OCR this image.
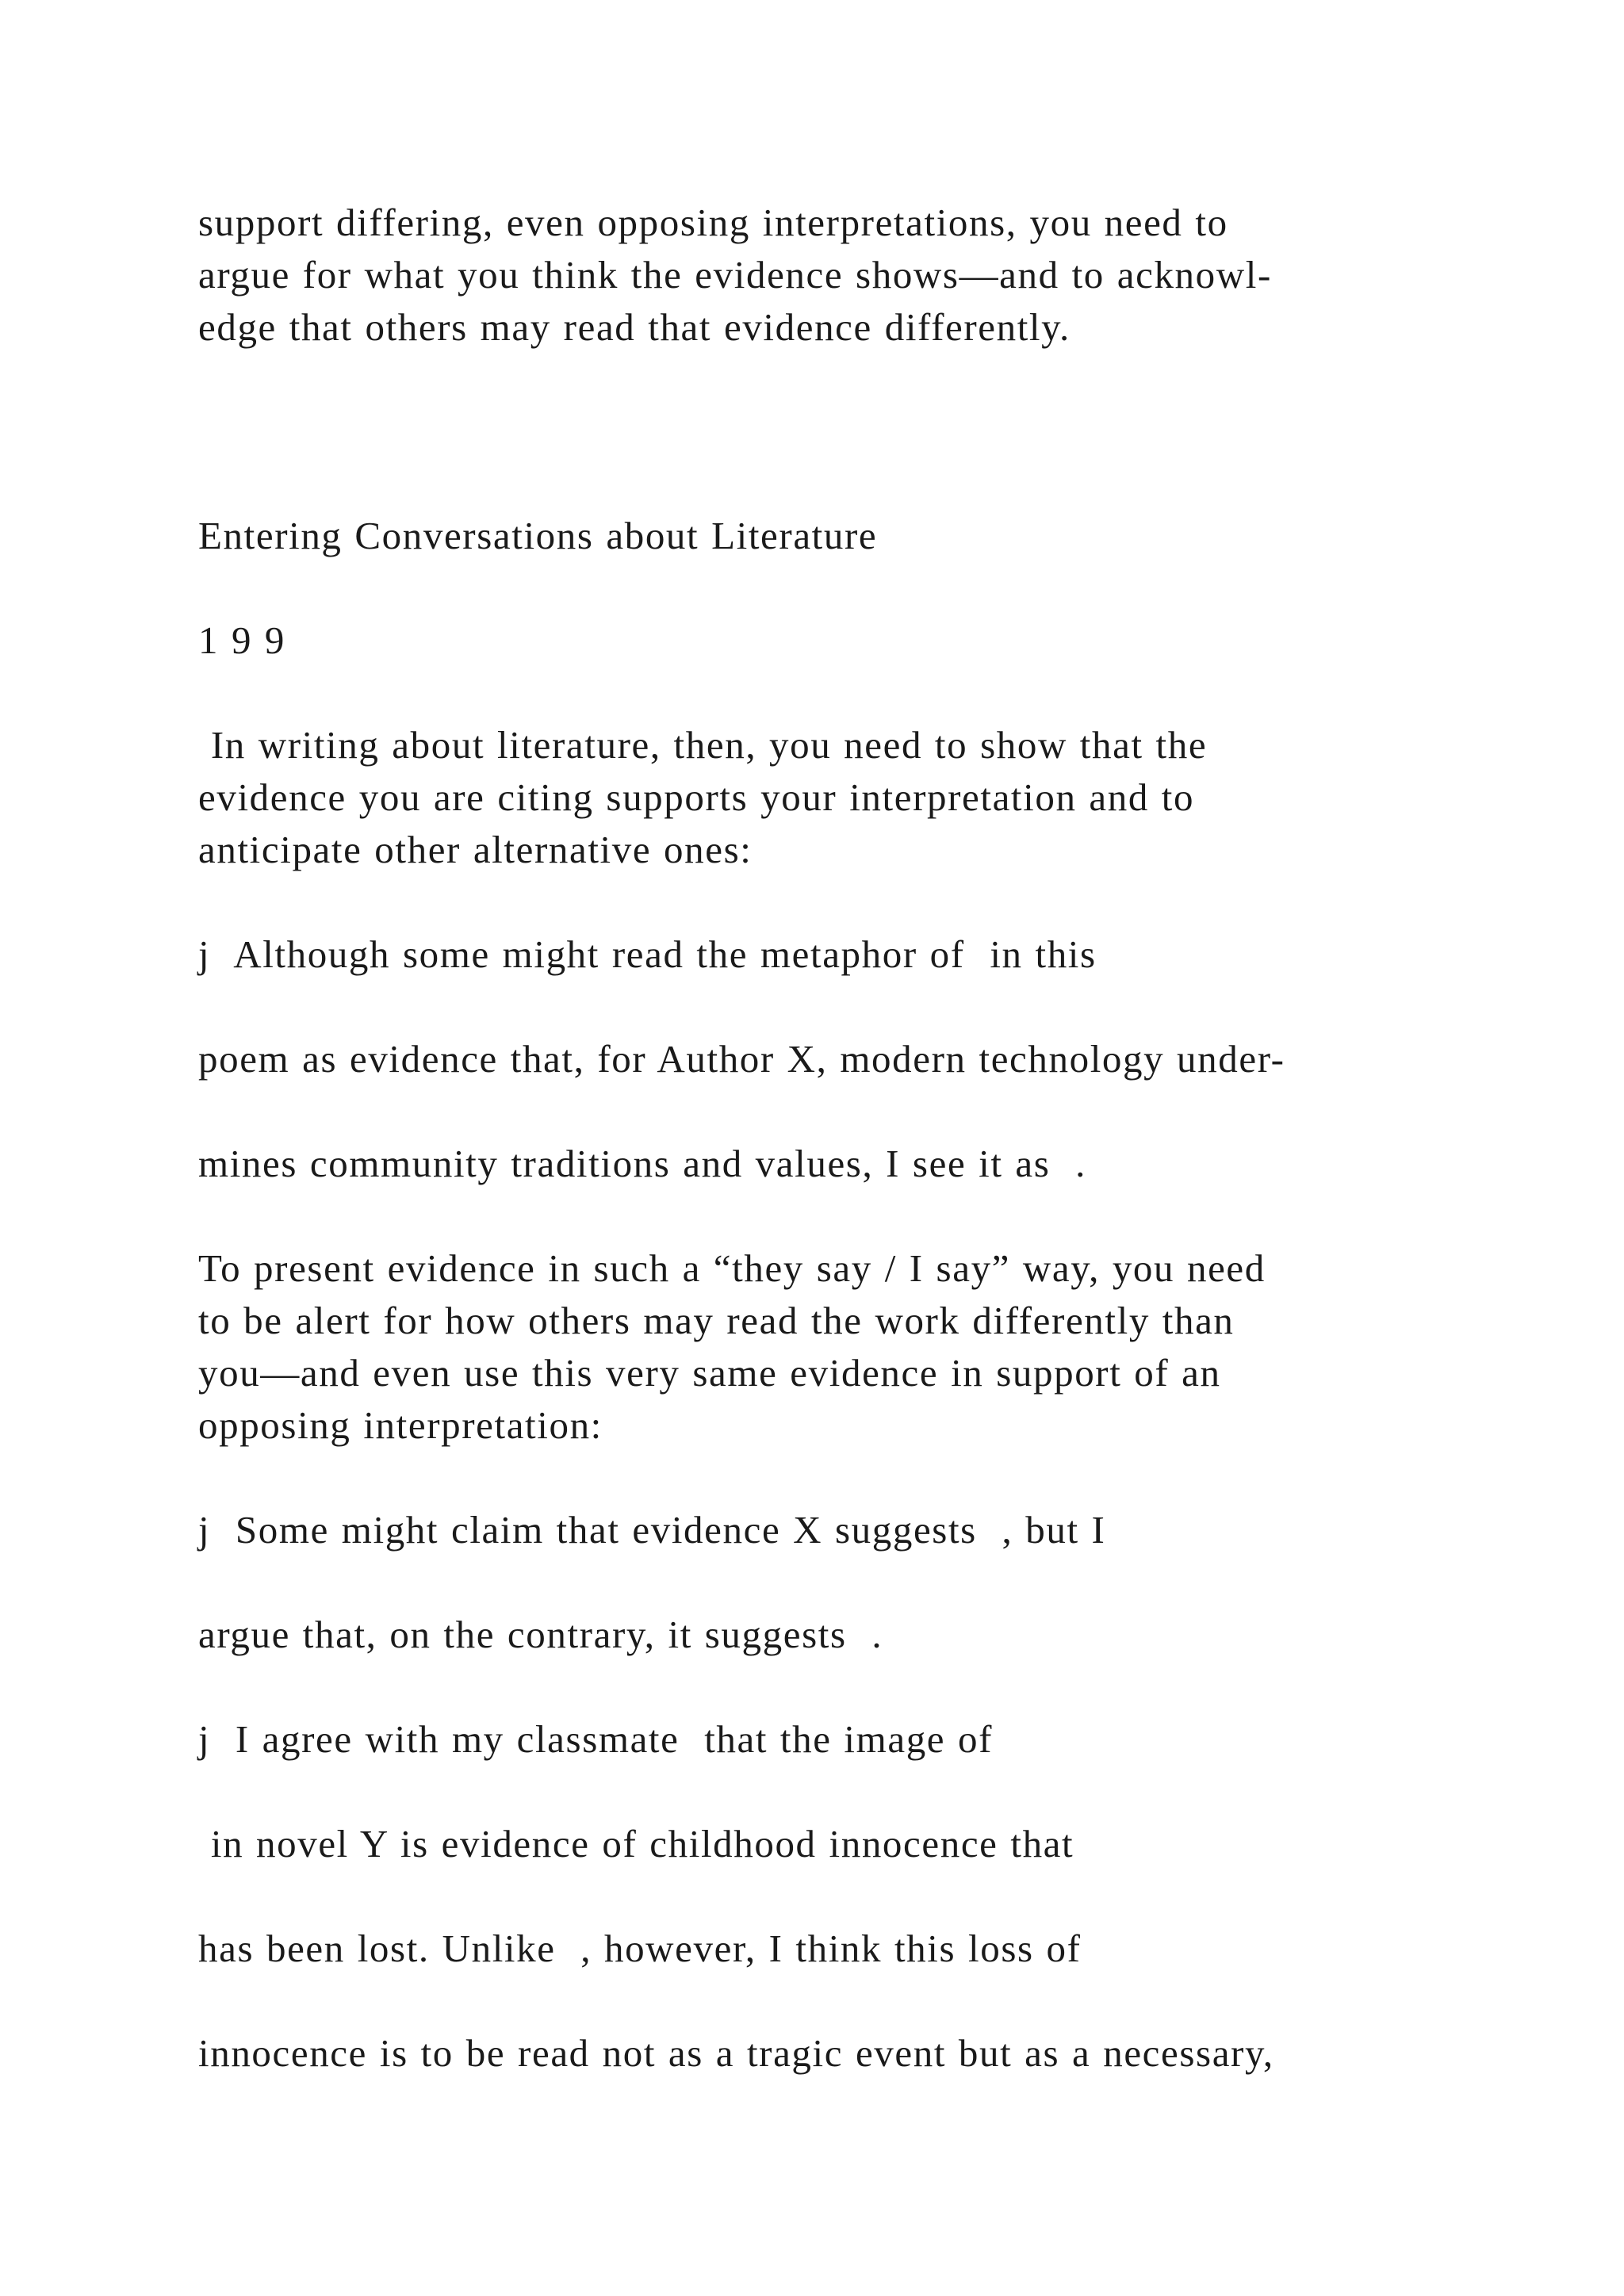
support differing, even opposing interpretations, you need to

argue for what you think the evidence shows—and to acknowl-

edge that others may read that evidence differently.

Entering Conversations about Literature

1 9 9

In writing about literature, then, you need to show that the

evidence you are citing supports your interpretation and to

anticipate other alternative ones:

j  Although some might read the metaphor of  in this

poem as evidence that, for Author X, modern technology under-

mines community traditions and values, I see it as  .

To present evidence in such a “they say / I say” way, you need

to be alert for how others may read the work differently than

you—and even use this very same evidence in support of an

opposing interpretation:

j  Some might claim that evidence X suggests  , but I

argue that, on the contrary, it suggests  .

j  I agree with my classmate  that the image of

in novel Y is evidence of childhood innocence that

has been lost. Unlike  , however, I think this loss of

innocence is to be read not as a tragic event but as a necessary,
